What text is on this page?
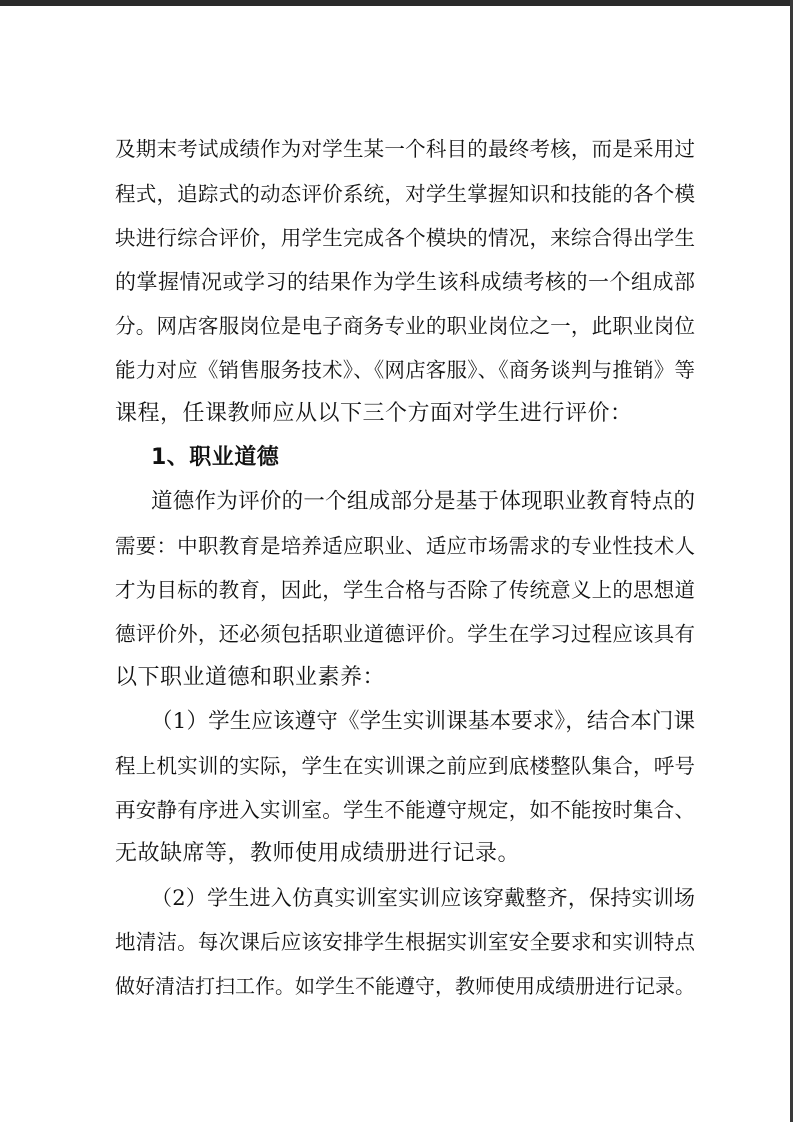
及期末考试成绩作为对学生某一个科目的最终考核，而是采用过
程式，追踪式的动态评价系统，对学生掌握知识和技能的各个模
块进行综合评价，用学生完成各个模块的情况，来综合得出学生
的掌握情况或学习的结果作为学生该科成绩考核的一个组成部
分。网店客服岗位是电子商务专业的职业岗位之一，此职业岗位
能力对应《销售服务技术》、《网店客服》、《商务谈判与推销》等
课程，任课教师应从以下三个方面对学生进行评价：
1、职业道德
道德作为评价的一个组成部分是基于体现职业教育特点的
需要：中职教育是培养适应职业、适应市场需求的专业性技术人
才为目标的教育，因此，学生合格与否除了传统意义上的思想道
德评价外，还必须包括职业道德评价。学生在学习过程应该具有
以下职业道德和职业素养：
（1）学生应该遵守《学生实训课基本要求》，结合本门课
程上机实训的实际，学生在实训课之前应到底楼整队集合，呼号
再安静有序进入实训室。学生不能遵守规定，如不能按时集合、
无故缺席等，教师使用成绩册进行记录。
（2）学生进入仿真实训室实训应该穿戴整齐，保持实训场
地清洁。每次课后应该安排学生根据实训室安全要求和实训特点
做好清洁打扫工作。如学生不能遵守，教师使用成绩册进行记录。
